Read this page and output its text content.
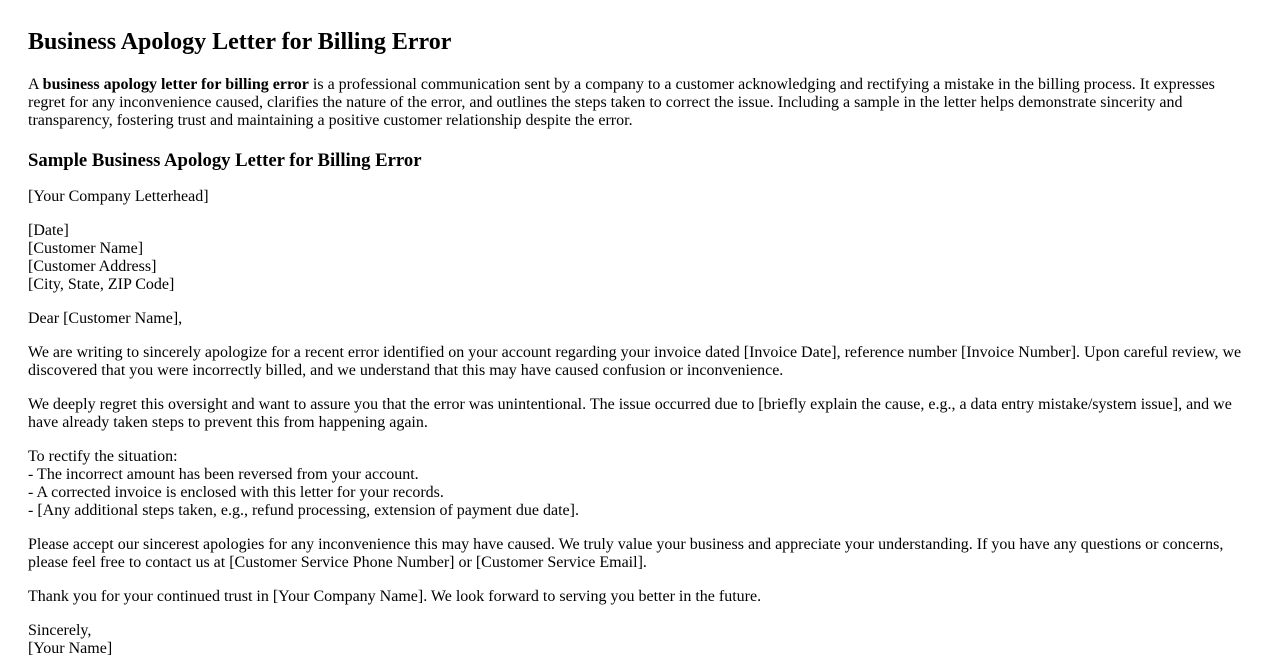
Business Apology Letter for Billing Error

A business apology letter for billing error is a professional communication sent by a company to a customer acknowledging and rectifying a mistake in the billing process. It expresses regret for any inconvenience caused, clarifies the nature of the error, and outlines the steps taken to correct the issue. Including a sample in the letter helps demonstrate sincerity and transparency, fostering trust and maintaining a positive customer relationship despite the error.

Sample Business Apology Letter for Billing Error

[Your Company Letterhead]

[Date]
[Customer Name]
[Customer Address]
[City, State, ZIP Code]

Dear [Customer Name],

We are writing to sincerely apologize for a recent error identified on your account regarding your invoice dated [Invoice Date], reference number [Invoice Number]. Upon careful review, we discovered that you were incorrectly billed, and we understand that this may have caused confusion or inconvenience.

We deeply regret this oversight and want to assure you that the error was unintentional. The issue occurred due to [briefly explain the cause, e.g., a data entry mistake/system issue], and we have already taken steps to prevent this from happening again.

To rectify the situation:
- The incorrect amount has been reversed from your account.
- A corrected invoice is enclosed with this letter for your records.
- [Any additional steps taken, e.g., refund processing, extension of payment due date].

Please accept our sincerest apologies for any inconvenience this may have caused. We truly value your business and appreciate your understanding. If you have any questions or concerns, please feel free to contact us at [Customer Service Phone Number] or [Customer Service Email].

Thank you for your continued trust in [Your Company Name]. We look forward to serving you better in the future.

Sincerely,
[Your Name]
